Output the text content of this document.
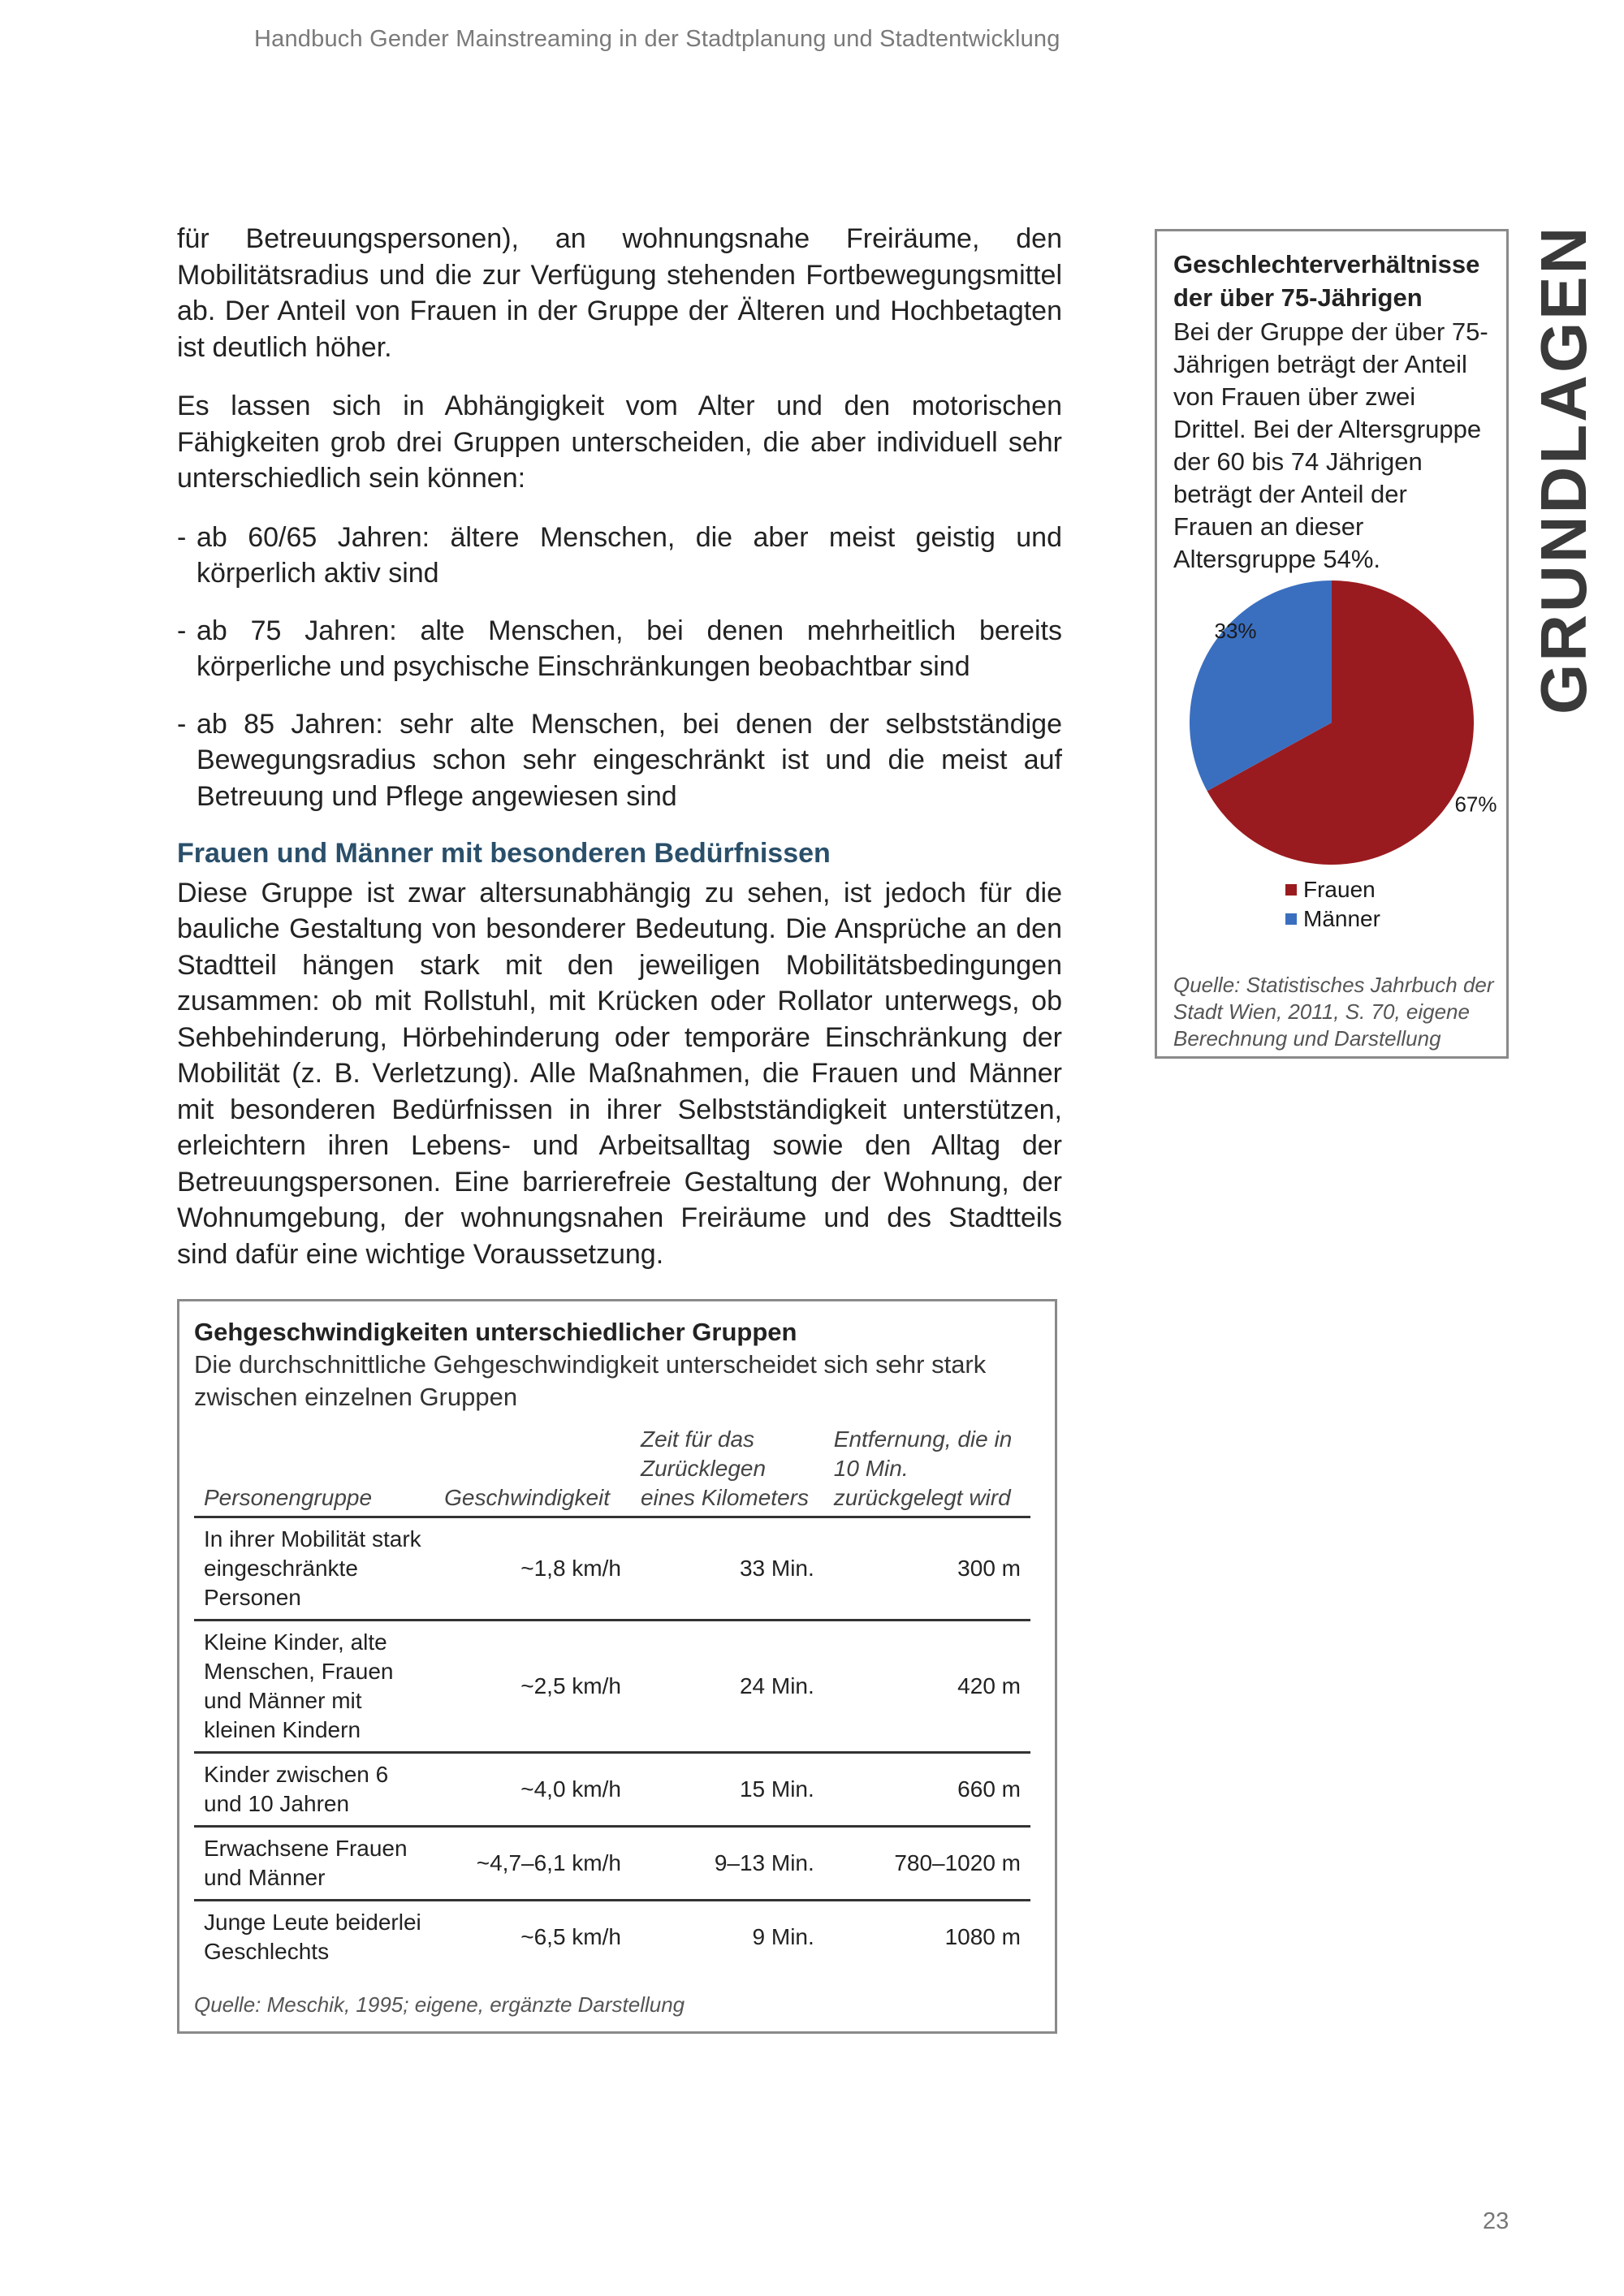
Handbuch Gender Mainstreaming in der Stadtplanung und Stadtentwicklung

für Betreuungspersonen), an wohnungsnahe Freiräume, den Mobilitätsradius und die zur Verfügung stehenden Fortbewegungsmittel ab. Der Anteil von Frauen in der Gruppe der Älteren und Hochbetagten ist deutlich höher.

Es lassen sich in Abhängigkeit vom Alter und den motorischen Fähigkeiten grob drei Gruppen unterscheiden, die aber individuell sehr unterschiedlich sein können:

- ab 60/65 Jahren: ältere Menschen, die aber meist geistig und körperlich aktiv sind
- ab 75 Jahren: alte Menschen, bei denen mehrheitlich bereits körperliche und psychische Einschränkungen beobachtbar sind
- ab 85 Jahren: sehr alte Menschen, bei denen der selbstständige Bewegungsradius schon sehr eingeschränkt ist und die meist auf Betreuung und Pflege angewiesen sind
Frauen und Männer mit besonderen Bedürfnissen

Diese Gruppe ist zwar altersunabhängig zu sehen, ist jedoch für die bauliche Gestaltung von besonderer Bedeutung. Die Ansprüche an den Stadtteil hängen stark mit den jeweiligen Mobilitätsbedingungen zusammen: ob mit Rollstuhl, mit Krücken oder Rollator unterwegs, ob Sehbehinderung, Hörbehinderung oder temporäre Einschränkung der Mobilität (z. B. Verletzung). Alle Maßnahmen, die Frauen und Männer mit besonderen Bedürfnissen in ihrer Selbstständigkeit unterstützen, erleichtern ihren Lebens- und Arbeitsalltag sowie den Alltag der Betreuungspersonen. Eine barrierefreie Gestaltung der Wohnung, der Wohnumgebung, der wohnungsnahen Freiräume und des Stadtteils sind dafür eine wichtige Voraussetzung.

Geschlechterverhältnisse der über 75-Jährigen
Bei der Gruppe der über 75-Jährigen beträgt der Anteil von Frauen über zwei Drittel. Bei der Altersgruppe der 60 bis 74 Jährigen beträgt der Anteil der Frauen an dieser Altersgruppe 54%.
67%
33%
Frauen
Männer
Quelle: Statistisches Jahrbuch der Stadt Wien, 2011, S. 70, eigene Berechnung und Darstellung
GRUNDLAGEN
Gehgeschwindigkeiten unterschiedlicher Gruppen
Die durchschnittliche Gehgeschwindigkeit unterscheidet sich sehr stark zwischen einzelnen Gruppen
Personengruppe	Geschwindigkeit	Zeit für das Zurücklegen eines Kilometers	Entfernung, die in 10 Min. zurückgelegt wird
In ihrer Mobilität stark eingeschränkte Personen	~1,8 km/h	33 Min.	300 m
Kleine Kinder, alte Menschen, Frauen und Männer mit kleinen Kindern	~2,5 km/h	24 Min.	420 m
Kinder zwischen 6 und 10 Jahren	~4,0 km/h	15 Min.	660 m
Erwachsene Frauen und Männer	~4,7–6,1 km/h	9–13 Min.	780–1020 m
Junge Leute beiderlei Geschlechts	~6,5 km/h	9 Min.	1080 m
Quelle: Meschik, 1995; eigene, ergänzte Darstellung
23
